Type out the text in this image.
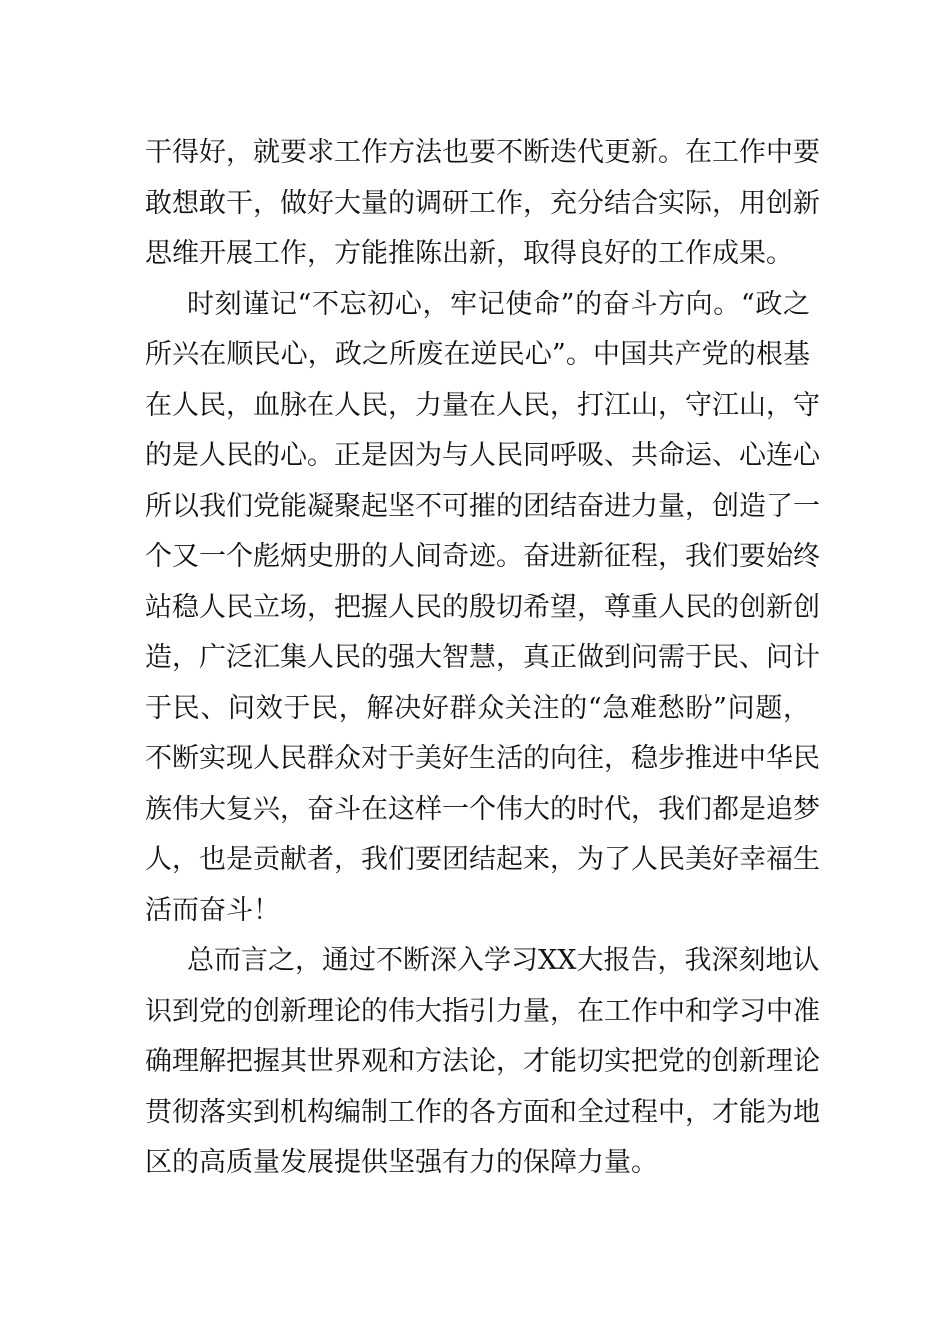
干得好，就要求工作方法也要不断迭代更新。在工作中要
敢想敢干，做好大量的调研工作，充分结合实际，用创新
思维开展工作，方能推陈出新，取得良好的工作成果。
时刻谨记“不忘初心，牢记使命”的奋斗方向。“政之
所兴在顺民心，政之所废在逆民心”。中国共产党的根基
在人民，血脉在人民，力量在人民，打江山，守江山，守
的是人民的心。正是因为与人民同呼吸、共命运、心连心
所以我们党能凝聚起坚不可摧的团结奋进力量，创造了一
个又一个彪炳史册的人间奇迹。奋进新征程，我们要始终
站稳人民立场，把握人民的殷切希望，尊重人民的创新创
造，广泛汇集人民的强大智慧，真正做到问需于民、问计
于民、问效于民，解决好群众关注的“急难愁盼”问题，
不断实现人民群众对于美好生活的向往，稳步推进中华民
族伟大复兴，奋斗在这样一个伟大的时代，我们都是追梦
人，也是贡献者，我们要团结起来，为了人民美好幸福生
活而奋斗！
总而言之，通过不断深入学习XX大报告，我深刻地认
识到党的创新理论的伟大指引力量，在工作中和学习中准
确理解把握其世界观和方法论，才能切实把党的创新理论
贯彻落实到机构编制工作的各方面和全过程中，才能为地
区的高质量发展提供坚强有力的保障力量。
